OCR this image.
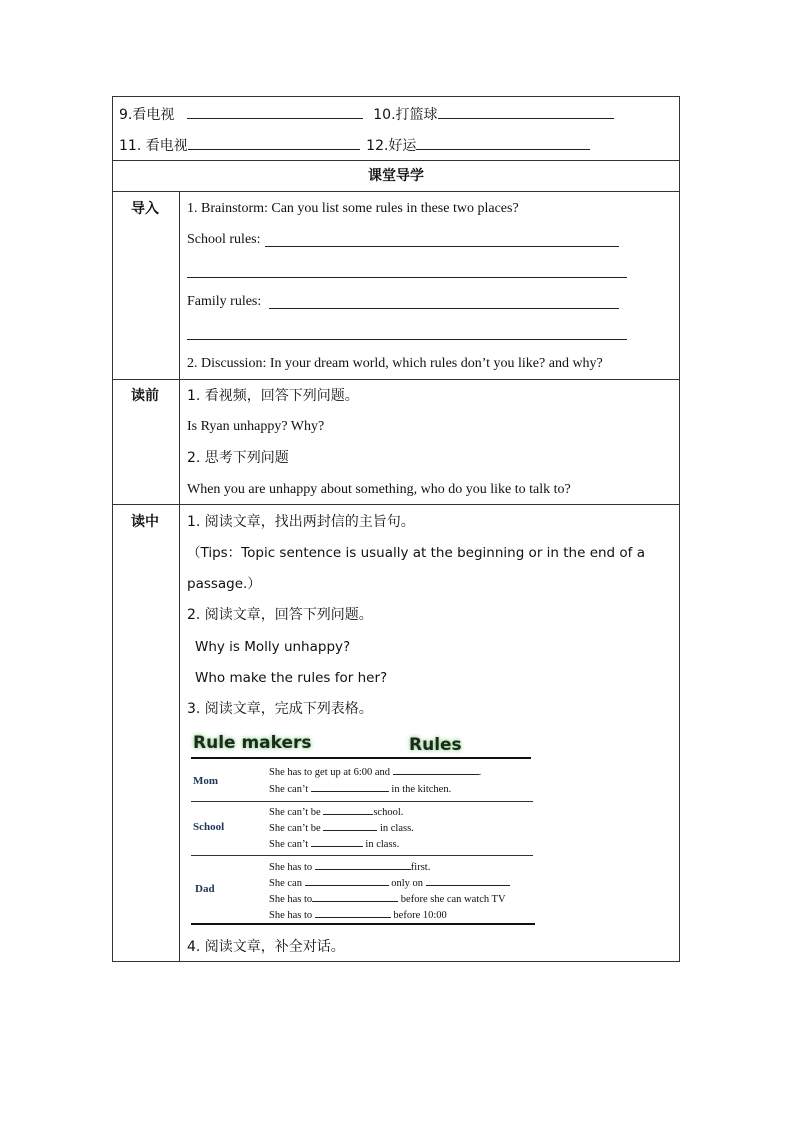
9.看电视	10.打篮球
11. 看电视	12.好运
课堂导学
导入 1. Brainstorm: Can you list some rules in these two places?
School rules:
Family rules:
2. Discussion: In your dream world, which rules don’t you like? and why?
读前 1. 看视频，回答下列问题。
Is Ryan unhappy? Why?
2. 思考下列问题
When you are unhappy about something, who do you like to talk to?
读中 1. 阅读文章，找出两封信的主旨句。
（Tips：Topic sentence is usually at the beginning or in the end of a
passage.）
2. 阅读文章，回答下列问题。
Why is Molly unhappy?
Who make the rules for her?
3. 阅读文章，完成下列表格。
Rule makers	Rules
Mom
She has to get up at 6:00 and	.
She can’t	in the kitchen.
School
She can’t be	school.
She can’t be	in class.
She can’t	in class.
Dad
She has to	first.
She can	only on
She has to	before she can watch TV
She has to	before 10:00
4. 阅读文章，补全对话。
